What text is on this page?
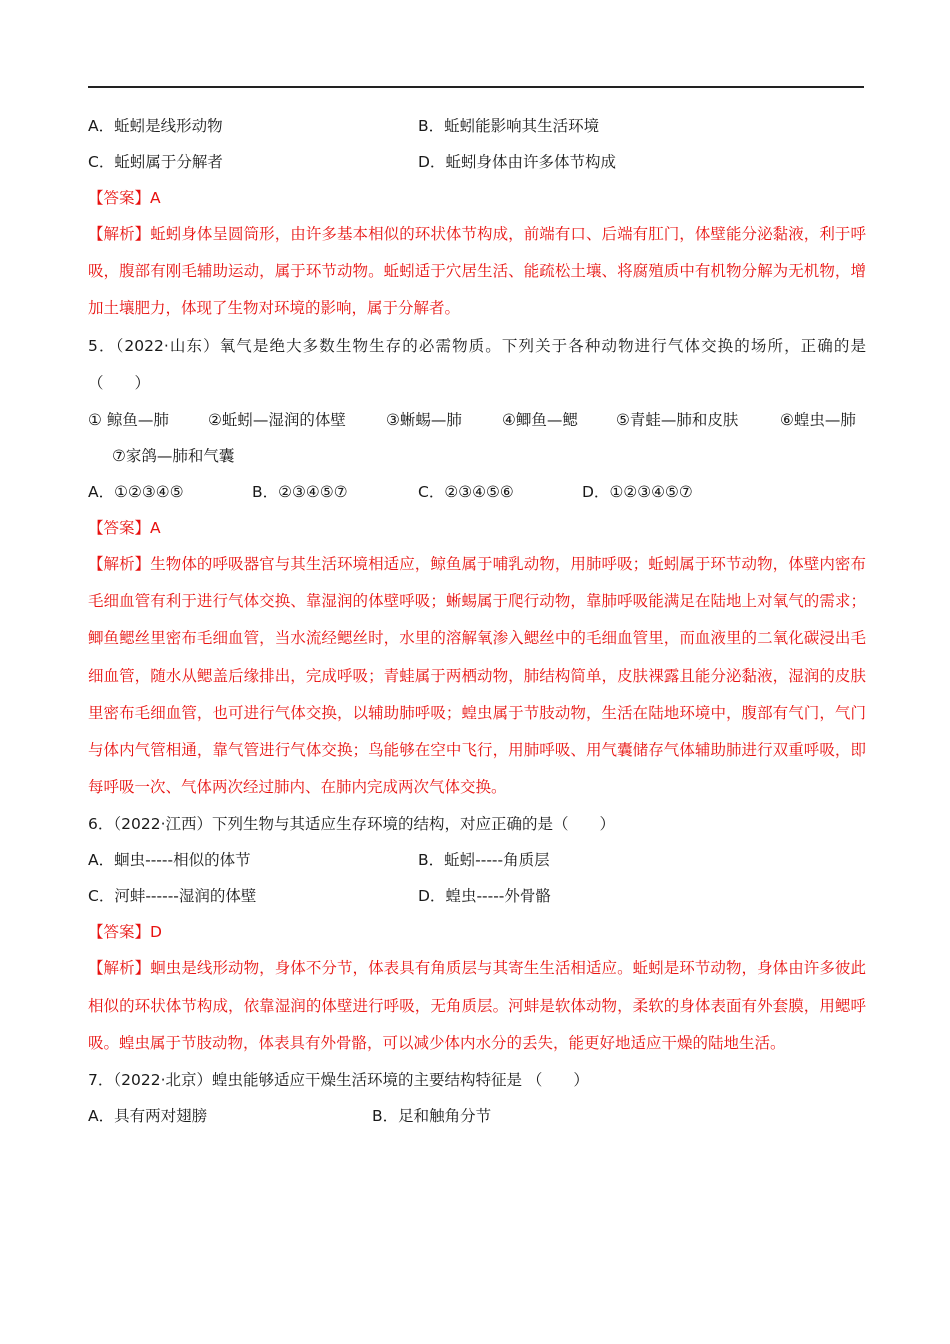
A．蚯蚓是线形动物	B．蚯蚓能影响其生活环境
C．蚯蚓属于分解者	D．蚯蚓身体由许多体节构成
【答案】A
【解析】蚯蚓身体呈圆筒形，由许多基本相似的环状体节构成，前端有口、后端有肛门，体壁能分泌黏液，利于呼吸，腹部有刚毛辅助运动，属于环节动物。蚯蚓适于穴居生活、能疏松土壤、将腐殖质中有机物分解为无机物，增加土壤肥力，体现了生物对环境的影响，属于分解者。
5．（2022·山东）氧气是绝大多数生物生存的必需物质。下列关于各种动物进行气体交换的场所，正确的是（　　）
① 鲸鱼—肺	②蚯蚓—湿润的体壁	③蜥蜴—肺	④鲫鱼—鳃 ⑤青蛙—肺和皮肤	⑥蝗虫—肺
⑦家鸽—肺和气囊
A．①②③④⑤	B．②③④⑤⑦	C．②③④⑤⑥	D．①②③④⑤⑦
【答案】A
【解析】生物体的呼吸器官与其生活环境相适应，鲸鱼属于哺乳动物，用肺呼吸；蚯蚓属于环节动物，体壁内密布毛细血管有利于进行气体交换、靠湿润的体壁呼吸；蜥蜴属于爬行动物，靠肺呼吸能满足在陆地上对氧气的需求；鲫鱼鳃丝里密布毛细血管，当水流经鳃丝时，水里的溶解氧渗入鳃丝中的毛细血管里，而血液里的二氧化碳浸出毛细血管，随水从鳃盖后缘排出，完成呼吸；青蛙属于两栖动物，肺结构简单，皮肤裸露且能分泌黏液，湿润的皮肤里密布毛细血管，也可进行气体交换，以辅助肺呼吸；蝗虫属于节肢动物，生活在陆地环境中，腹部有气门，气门与体内气管相通，靠气管进行气体交换；鸟能够在空中飞行，用肺呼吸、用气囊储存气体辅助肺进行双重呼吸，即每呼吸一次、气体两次经过肺内、在肺内完成两次气体交换。
6．（2022·江西）下列生物与其适应生存环境的结构，对应正确的是（　　）
A．蛔虫-----相似的体节	B．蚯蚓-----角质层
C．河蚌------湿润的体壁	D．蝗虫-----外骨骼
【答案】D
【解析】蛔虫是线形动物，身体不分节，体表具有角质层与其寄生生活相适应。蚯蚓是环节动物，身体由许多彼此相似的环状体节构成，依靠湿润的体壁进行呼吸，无角质层。河蚌是软体动物，柔软的身体表面有外套膜，用鳃呼吸。蝗虫属于节肢动物，体表具有外骨骼，可以减少体内水分的丢失，能更好地适应干燥的陆地生活。
7．（2022·北京）蝗虫能够适应干燥生活环境的主要结构特征是 （　　）
A．具有两对翅膀	B．足和触角分节
